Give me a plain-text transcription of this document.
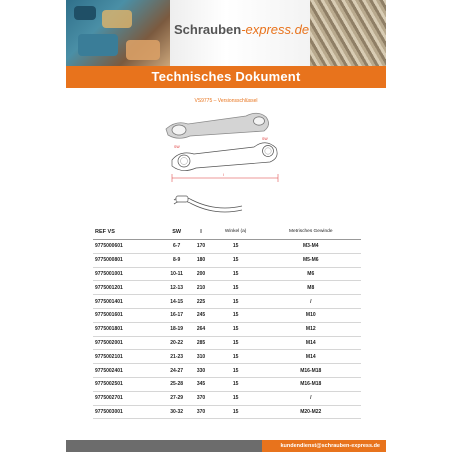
Schrauben-express.de
Technisches Dokument
VS9775 – Versionsschlüssel
SW
SW
l
REF VS	SW	l	Winkel (a)	Metrisches Gewinde
9775000601	6-7	170	15	M3-M4
9775000801	8-9	180	15	M5-M6
9775001001	10-11	200	15	M6
9775001201	12-13	210	15	M8
9775001401	14-15	225	15	/
9775001601	16-17	245	15	M10
9775001801	18-19	264	15	M12
9775002001	20-22	285	15	M14
9775002101	21-23	310	15	M14
9775002401	24-27	330	15	M16-M18
9775002501	25-28	345	15	M16-M18
9775002701	27-29	370	15	/
9775003001	30-32	370	15	M20-M22
kundendienst@schrauben-express.de
